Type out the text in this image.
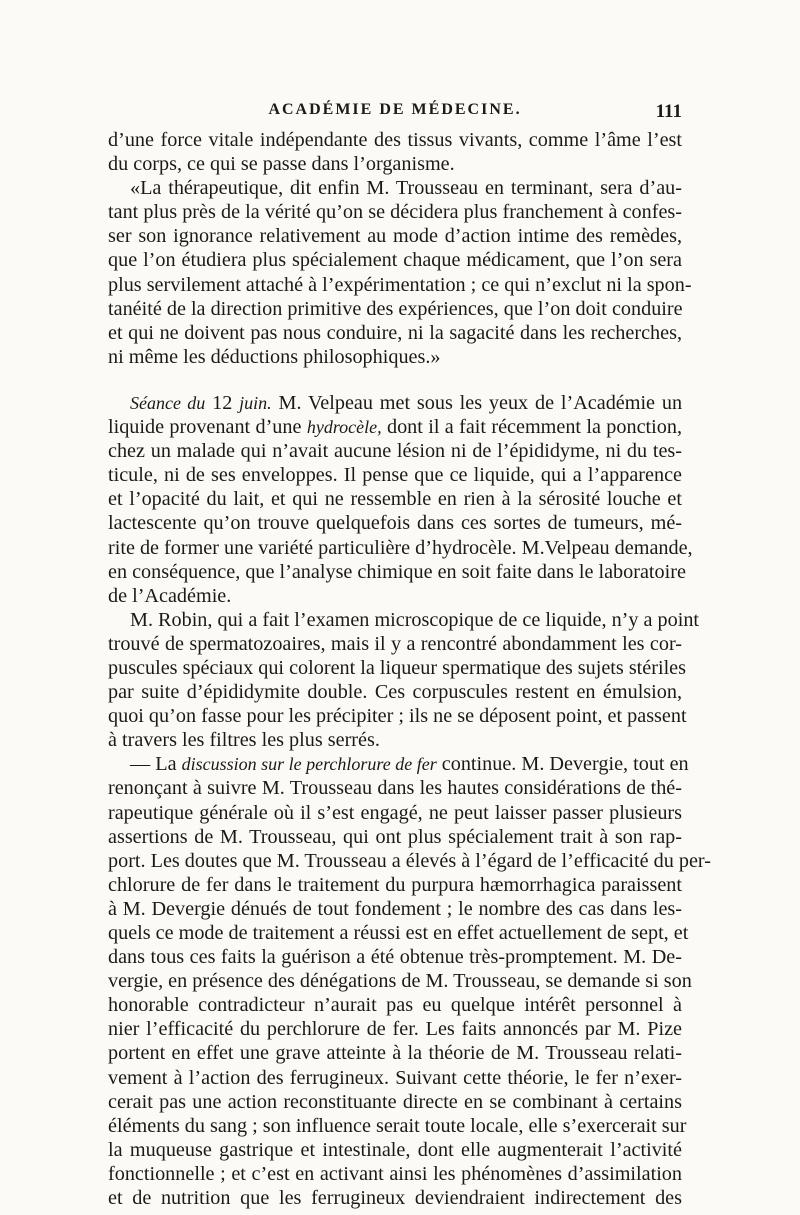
ACADÉMIE DE MÉDECINE.	111
d’une force vitale indépendante des tissus vivants, comme l’âme l’est
du corps, ce qui se passe dans l’organisme.
«La thérapeutique, dit enfin M. Trousseau en terminant, sera d’au-
tant plus près de la vérité qu’on se décidera plus franchement à confes-
ser son ignorance relativement au mode d’action intime des remèdes,
que l’on étudiera plus spécialement chaque médicament, que l’on sera
plus servilement attaché à l’expérimentation ; ce qui n’exclut ni la spon-
tanéité de la direction primitive des expériences, que l’on doit conduire
et qui ne doivent pas nous conduire, ni la sagacité dans les recherches,
ni même les déductions philosophiques.»
Séance du 12 juin. M. Velpeau met sous les yeux de l’Académie un
liquide provenant d’une hydrocèle, dont il a fait récemment la ponction,
chez un malade qui n’avait aucune lésion ni de l’épididyme, ni du tes-
ticule, ni de ses enveloppes. Il pense que ce liquide, qui a l’apparence
et l’opacité du lait, et qui ne ressemble en rien à la sérosité louche et
lactescente qu’on trouve quelquefois dans ces sortes de tumeurs, mé-
rite de former une variété particulière d’hydrocèle. M.Velpeau demande,
en conséquence, que l’analyse chimique en soit faite dans le laboratoire
de l’Académie.
M. Robin, qui a fait l’examen microscopique de ce liquide, n’y a point
trouvé de spermatozoaires, mais il y a rencontré abondamment les cor-
puscules spéciaux qui colorent la liqueur spermatique des sujets stériles
par suite d’épididymite double. Ces corpuscules restent en émulsion,
quoi qu’on fasse pour les précipiter ; ils ne se déposent point, et passent
à travers les filtres les plus serrés.
— La discussion sur le perchlorure de fer continue. M. Devergie, tout en
renonçant à suivre M. Trousseau dans les hautes considérations de thé-
rapeutique générale où il s’est engagé, ne peut laisser passer plusieurs
assertions de M. Trousseau, qui ont plus spécialement trait à son rap-
port. Les doutes que M. Trousseau a élevés à l’égard de l’efficacité du per-
chlorure de fer dans le traitement du purpura hæmorrhagica paraissent
à M. Devergie dénués de tout fondement ; le nombre des cas dans les-
quels ce mode de traitement a réussi est en effet actuellement de sept, et
dans tous ces faits la guérison a été obtenue très-promptement. M. De-
vergie, en présence des dénégations de M. Trousseau, se demande si son
honorable contradicteur n’aurait pas eu quelque intérêt personnel à
nier l’efficacité du perchlorure de fer. Les faits annoncés par M. Pize
portent en effet une grave atteinte à la théorie de M. Trousseau relati-
vement à l’action des ferrugineux. Suivant cette théorie, le fer n’exer-
cerait pas une action reconstituante directe en se combinant à certains
éléments du sang ; son influence serait toute locale, elle s’exercerait sur
la muqueuse gastrique et intestinale, dont elle augmenterait l’activité
fonctionnelle ; et c’est en activant ainsi les phénomènes d’assimilation
et de nutrition que les ferrugineux deviendraient indirectement des
